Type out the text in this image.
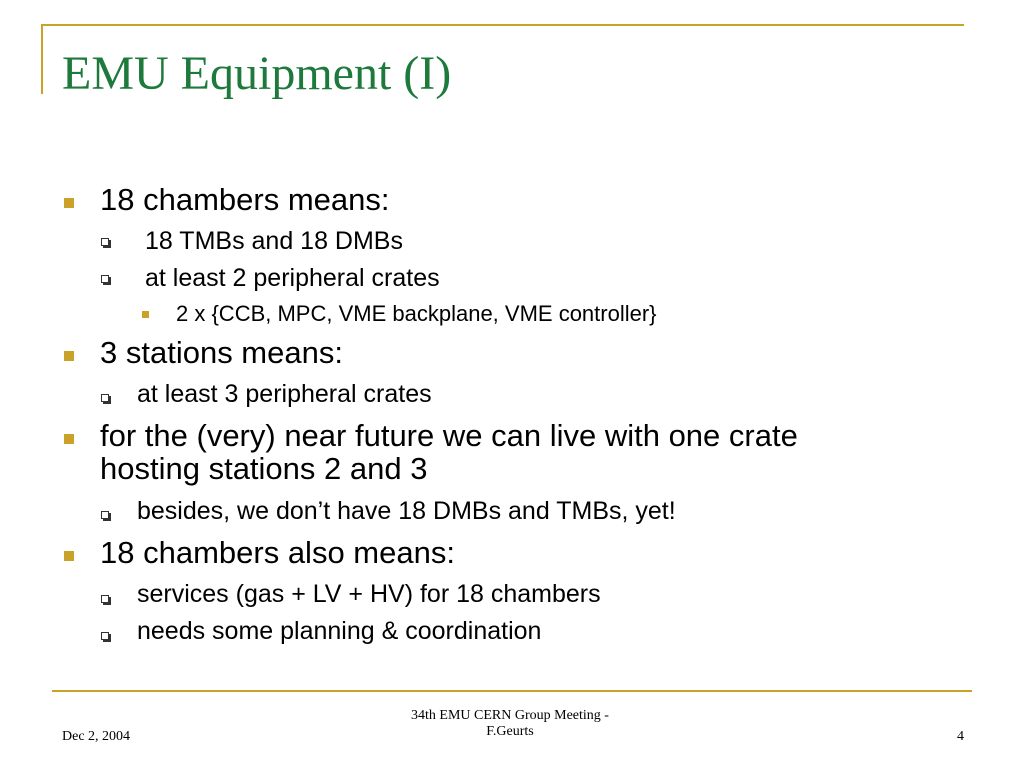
EMU Equipment (I)
18 chambers means:
18 TMBs and 18 DMBs
at least 2 peripheral crates
2 x {CCB, MPC, VME backplane, VME controller}
3 stations means:
at least 3 peripheral crates
for the (very) near future we can live with one crate
hosting stations 2 and 3
besides, we don’t have 18 DMBs and TMBs, yet!
18 chambers also means:
services (gas + LV + HV) for 18 chambers
needs some planning & coordination
Dec 2, 2004
34th EMU CERN Group Meeting -
F.Geurts	4
